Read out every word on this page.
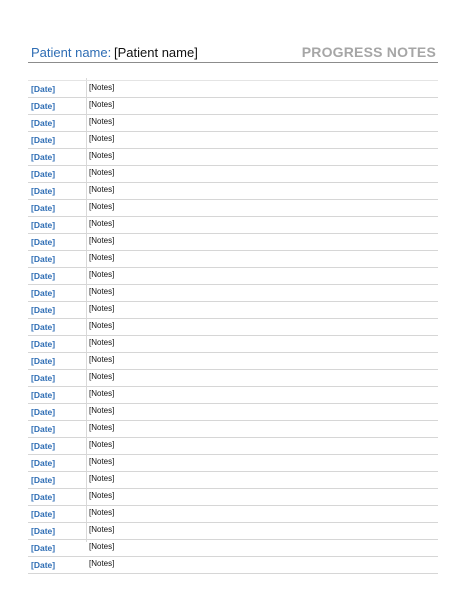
Patient name: [Patient name]	PROGRESS NOTES
[Date]	[Notes]
[Date]	[Notes]
[Date]	[Notes]
[Date]	[Notes]
[Date]	[Notes]
[Date]	[Notes]
[Date]	[Notes]
[Date]	[Notes]
[Date]	[Notes]
[Date]	[Notes]
[Date]	[Notes]
[Date]	[Notes]
[Date]	[Notes]
[Date]	[Notes]
[Date]	[Notes]
[Date]	[Notes]
[Date]	[Notes]
[Date]	[Notes]
[Date]	[Notes]
[Date]	[Notes]
[Date]	[Notes]
[Date]	[Notes]
[Date]	[Notes]
[Date]	[Notes]
[Date]	[Notes]
[Date]	[Notes]
[Date]	[Notes]
[Date]	[Notes]
[Date]	[Notes]
